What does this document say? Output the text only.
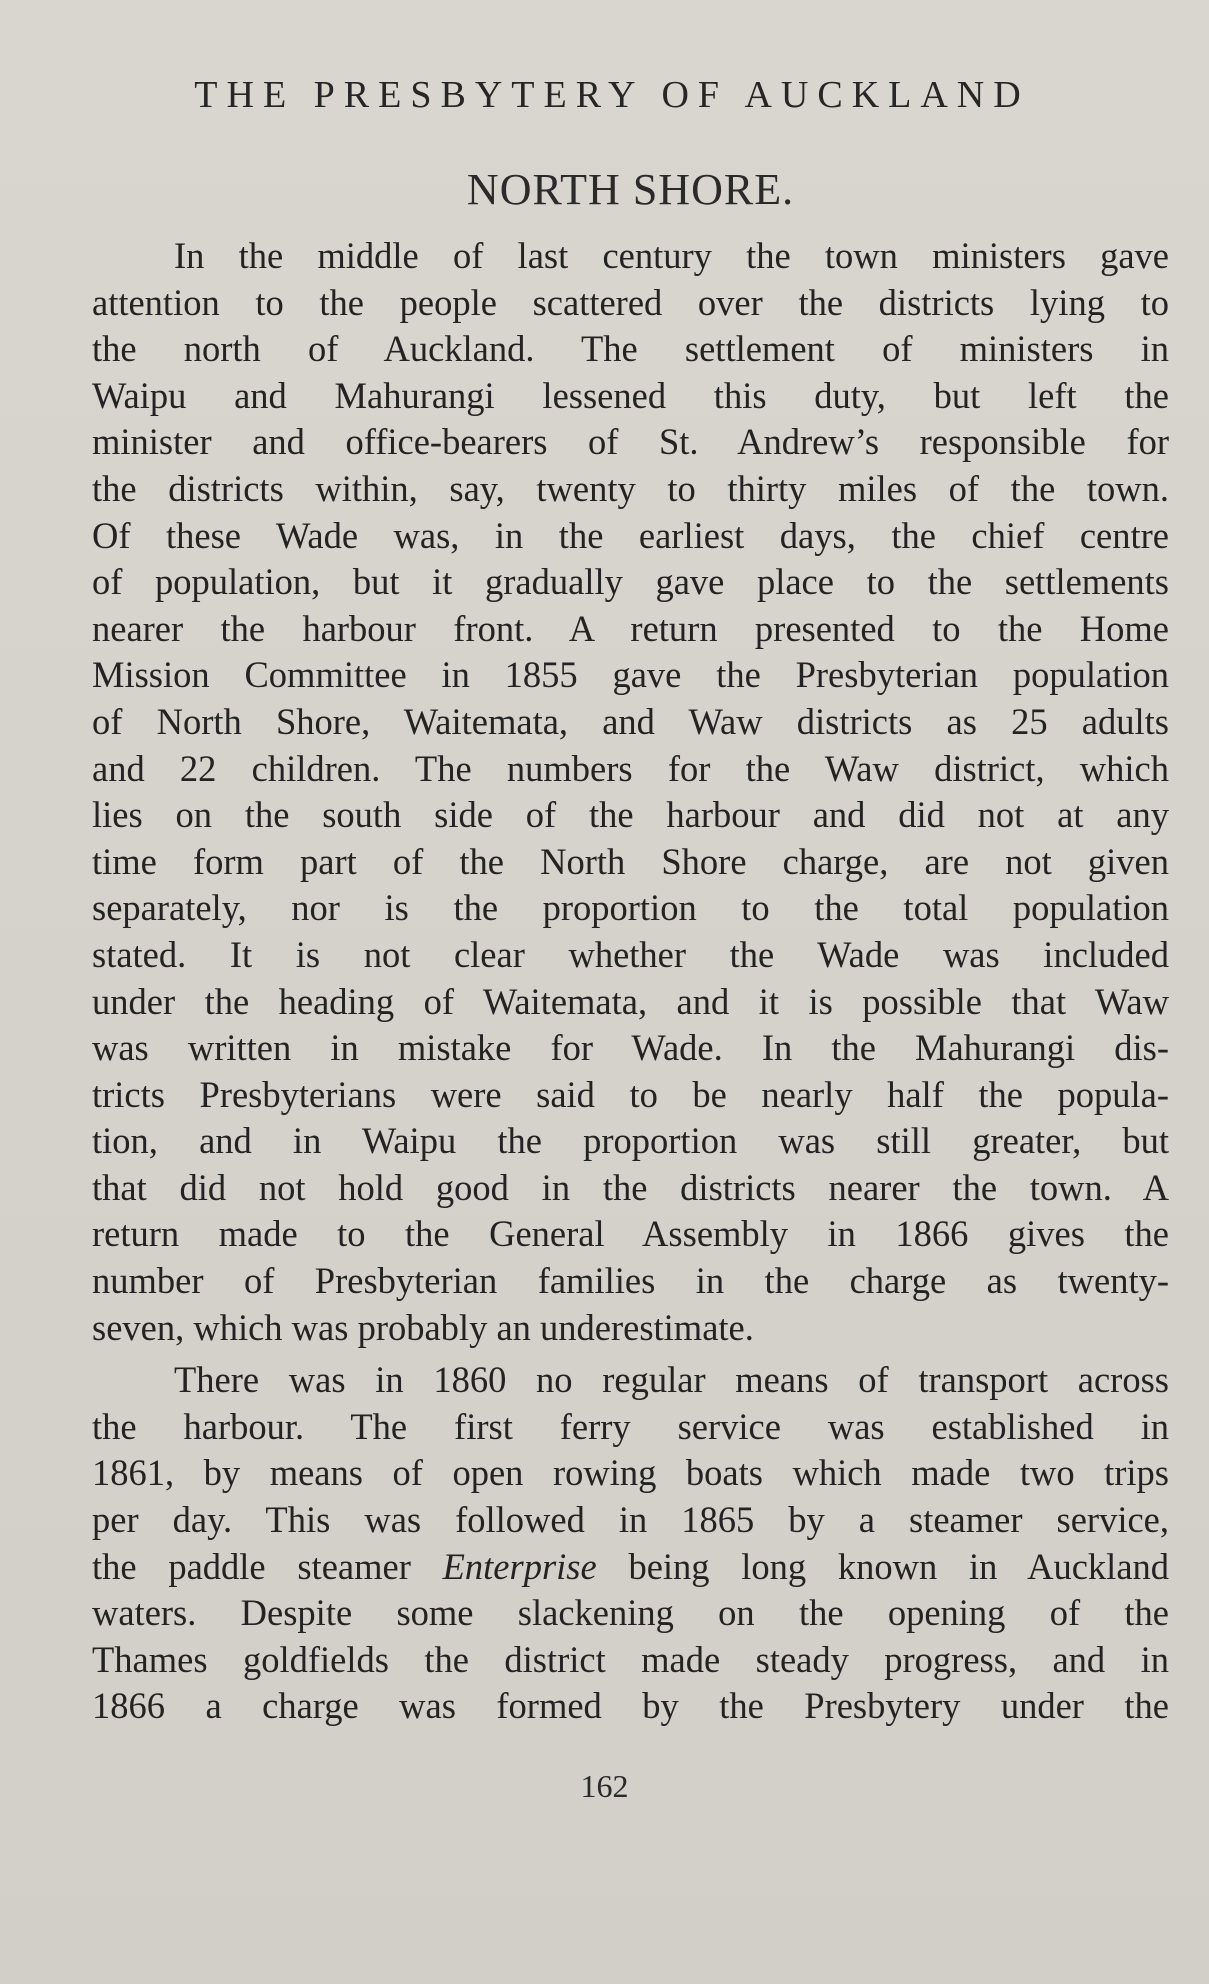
THE PRESBYTERY OF AUCKLAND
NORTH SHORE.
In the middle of last century the town ministers gave
attention to the people scattered over the districts lying to
the north of Auckland. The settlement of ministers in
Waipu and Mahurangi lessened this duty, but left the
minister and office-bearers of St. Andrew’s responsible for
the districts within, say, twenty to thirty miles of the town.
Of these Wade was, in the earliest days, the chief centre
of population, but it gradually gave place to the settlements
nearer the harbour front. A return presented to the Home
Mission Committee in 1855 gave the Presbyterian population
of North Shore, Waitemata, and Waw districts as 25 adults
and 22 children. The numbers for the Waw district, which
lies on the south side of the harbour and did not at any
time form part of the North Shore charge, are not given
separately, nor is the proportion to the total population
stated. It is not clear whether the Wade was included
under the heading of Waitemata, and it is possible that Waw
was written in mistake for Wade. In the Mahurangi dis-
tricts Presbyterians were said to be nearly half the popula-
tion, and in Waipu the proportion was still greater, but
that did not hold good in the districts nearer the town. A
return made to the General Assembly in 1866 gives the
number of Presbyterian families in the charge as twenty-
seven, which was probably an underestimate.
There was in 1860 no regular means of transport across
the harbour. The first ferry service was established in
1861, by means of open rowing boats which made two trips
per day. This was followed in 1865 by a steamer service,
the paddle steamer Enterprise being long known in Auckland
waters. Despite some slackening on the opening of the
Thames goldfields the district made steady progress, and in
1866 a charge was formed by the Presbytery under the
162
